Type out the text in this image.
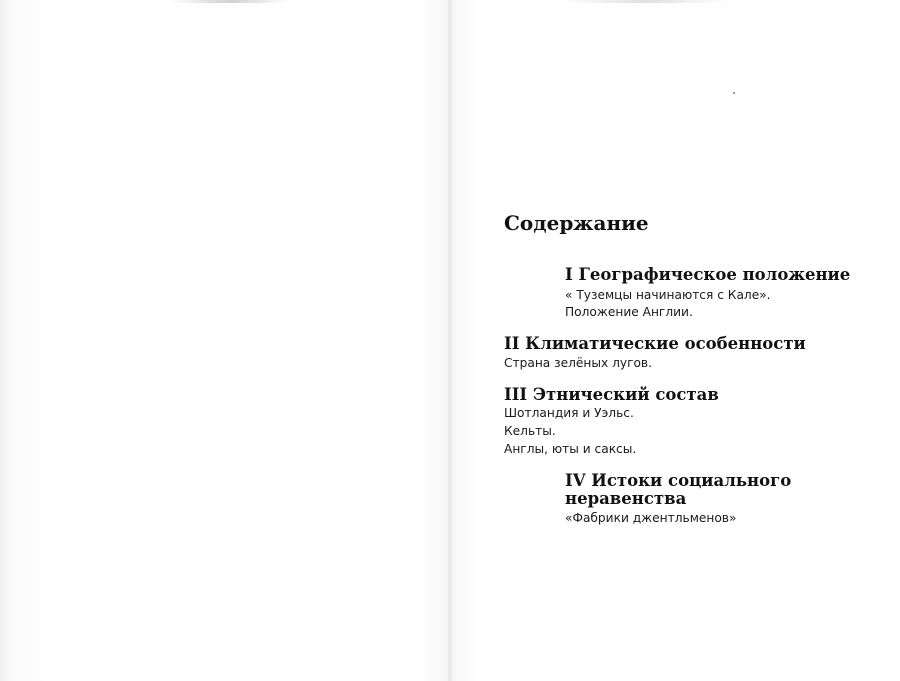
Содержание
I Географическое положение
« Туземцы начинаются с Кале».
Положение Англии.
II Климатические особенности
Страна зелёных лугов.
III Этнический состав
Шотландия и Уэльс.
Кельты.
Англы, юты и саксы.
IV Истоки социального
неравенства
«Фабрики джентльменов»
